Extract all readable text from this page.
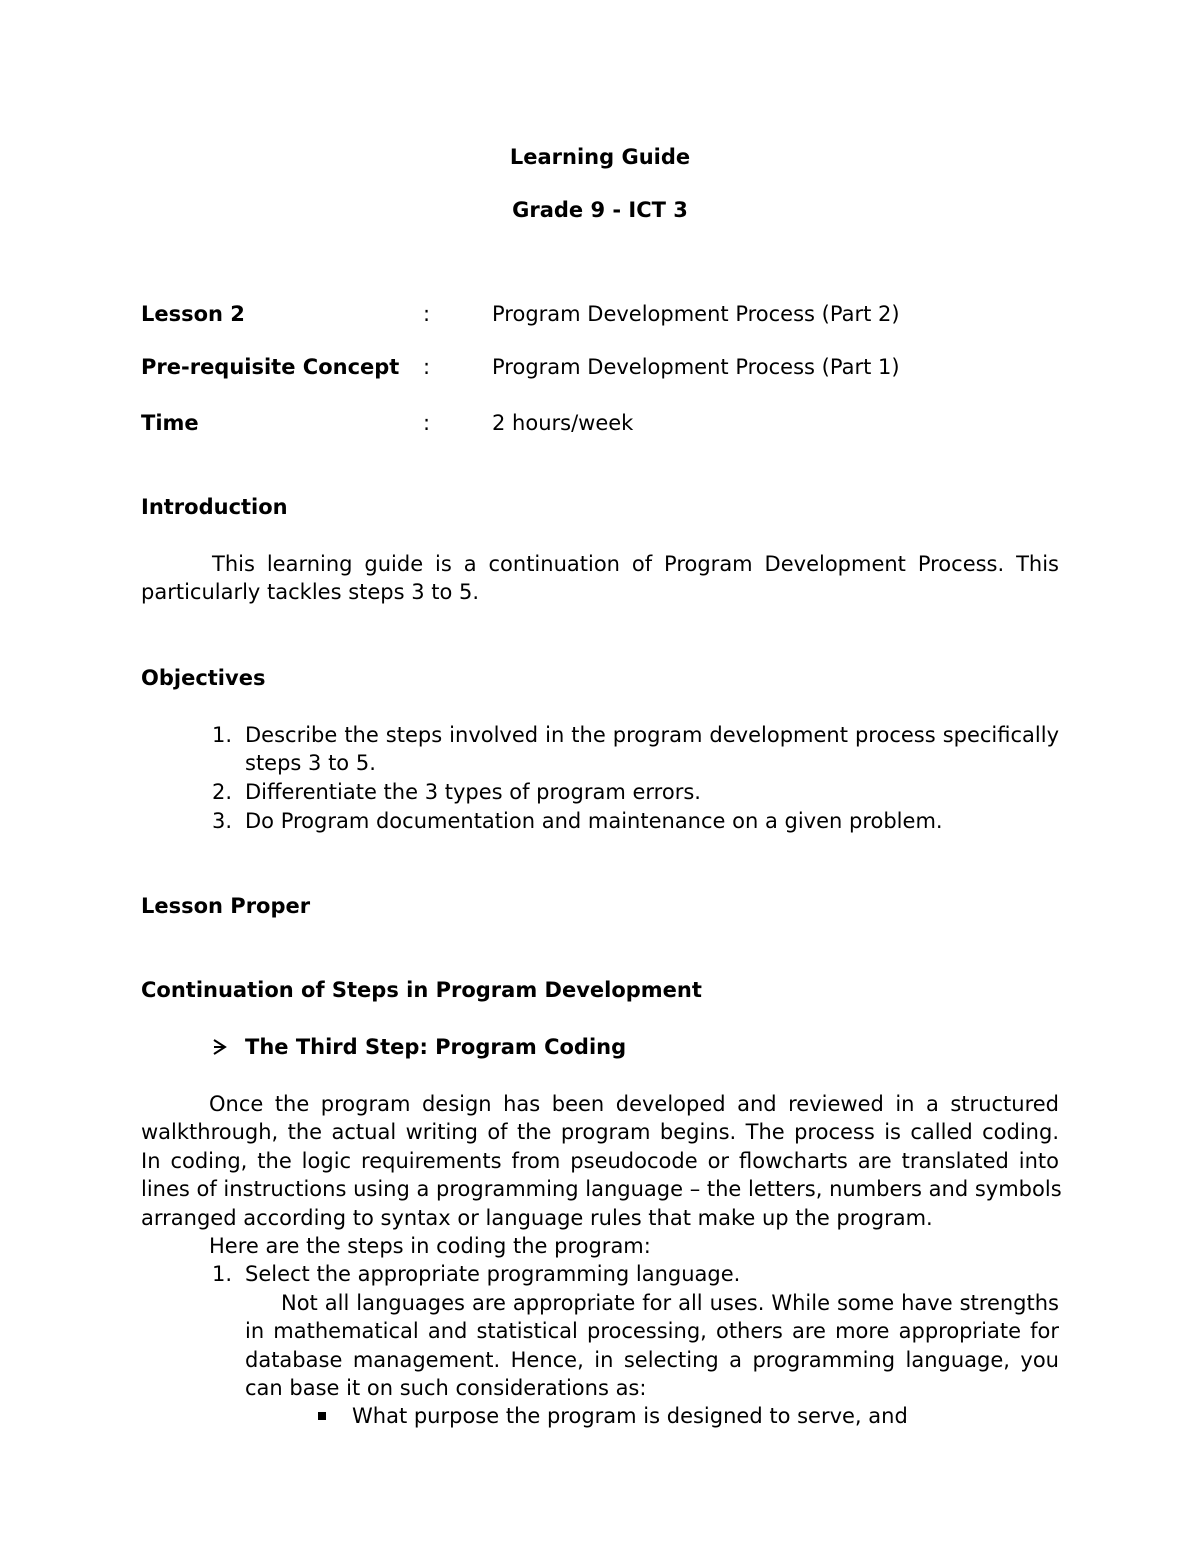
Learning Guide
Grade 9 - ICT 3
Lesson 2	:	Program Development Process (Part 2)
Pre-requisite Concept :	Program Development Process (Part 1)
Time	:	2 hours/week
Introduction
This learning guide is a continuation of Program Development Process. This
particularly tackles steps 3 to 5.
Objectives
1. Describe the steps involved in the program development process specifically
steps 3 to 5.
2. Differentiate the 3 types of program errors.
3. Do Program documentation and maintenance on a given problem.
Lesson Proper
Continuation of Steps in Program Development
The Third Step: Program Coding
Once the program design has been developed and reviewed in a structured
walkthrough, the actual writing of the program begins. The process is called coding.
In coding, the logic requirements from pseudocode or flowcharts are translated into
lines of instructions using a programming language – the letters, numbers and symbols
arranged according to syntax or language rules that make up the program.
Here are the steps in coding the program:
1. Select the appropriate programming language.
Not all languages are appropriate for all uses. While some have strengths
in mathematical and statistical processing, others are more appropriate for
database management. Hence, in selecting a programming language, you
can base it on such considerations as:
What purpose the program is designed to serve, and
